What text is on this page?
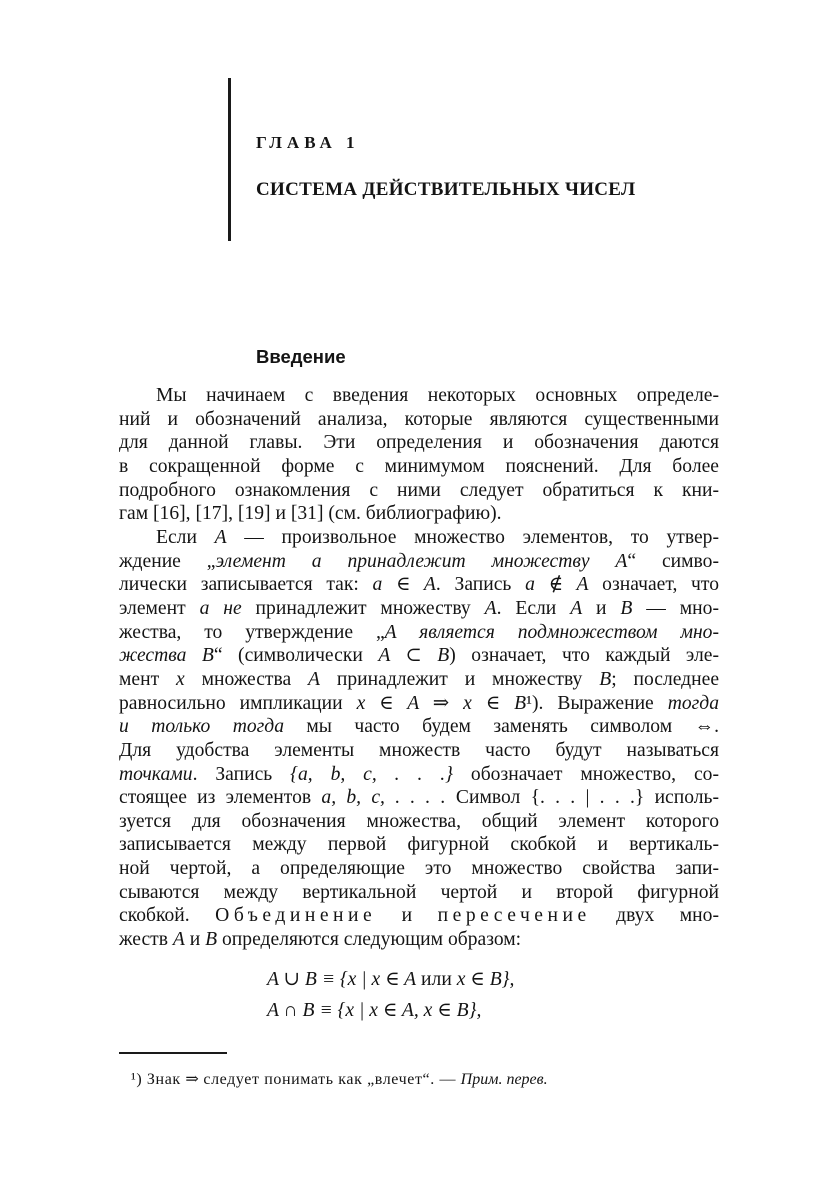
ГЛАВА 1
СИСТЕМА ДЕЙСТВИТЕЛЬНЫХ ЧИСЕЛ
Введение

Мы начинаем с введения некоторых основных определе-
ний и обозначений анализа, которые являются существенными
для данной главы. Эти определения и обозначения даются
в сокращенной форме с минимумом пояснений. Для более
подробного ознакомления с ними следует обратиться к кни-
гам [16], [17], [19] и [31] (см. библиографию).

Если A — произвольное множество элементов, то утвер-
ждение „элемент a принадлежит множеству A“ симво-
лически записывается так: a ∈ A. Запись a ∉ A означает, что
элемент a не принадлежит множеству A. Если A и B — мно-
жества, то утверждение „A является подмножеством мно-
жества B“ (символически A ⊂ B) означает, что каждый эле-
мент x множества A принадлежит и множеству B; последнее
равносильно импликации x ∈ A ⇒ x ∈ B¹). Выражение тогда
и только тогда мы часто будем заменять символом ⇔.
Для удобства элементы множеств часто будут называться
точками. Запись {a, b, c, . . .} обозначает множество, со-
стоящее из элементов a, b, c, . . . . Символ {. . . | . . .} исполь-
зуется для обозначения множества, общий элемент которого
записывается между первой фигурной скобкой и вертикаль-
ной чертой, а определяющие это множество свойства запи-
сываются между вертикальной чертой и второй фигурной
скобкой. Объединение и пересечение двух мно-
жеств A и B определяются следующим образом:

A ∪ B ≡ {x | x ∈ A или x ∈ B},
A ∩ B ≡ {x | x ∈ A, x ∈ B},

¹) Знак ⇒ следует понимать как „влечет“. — Прим. перев.
